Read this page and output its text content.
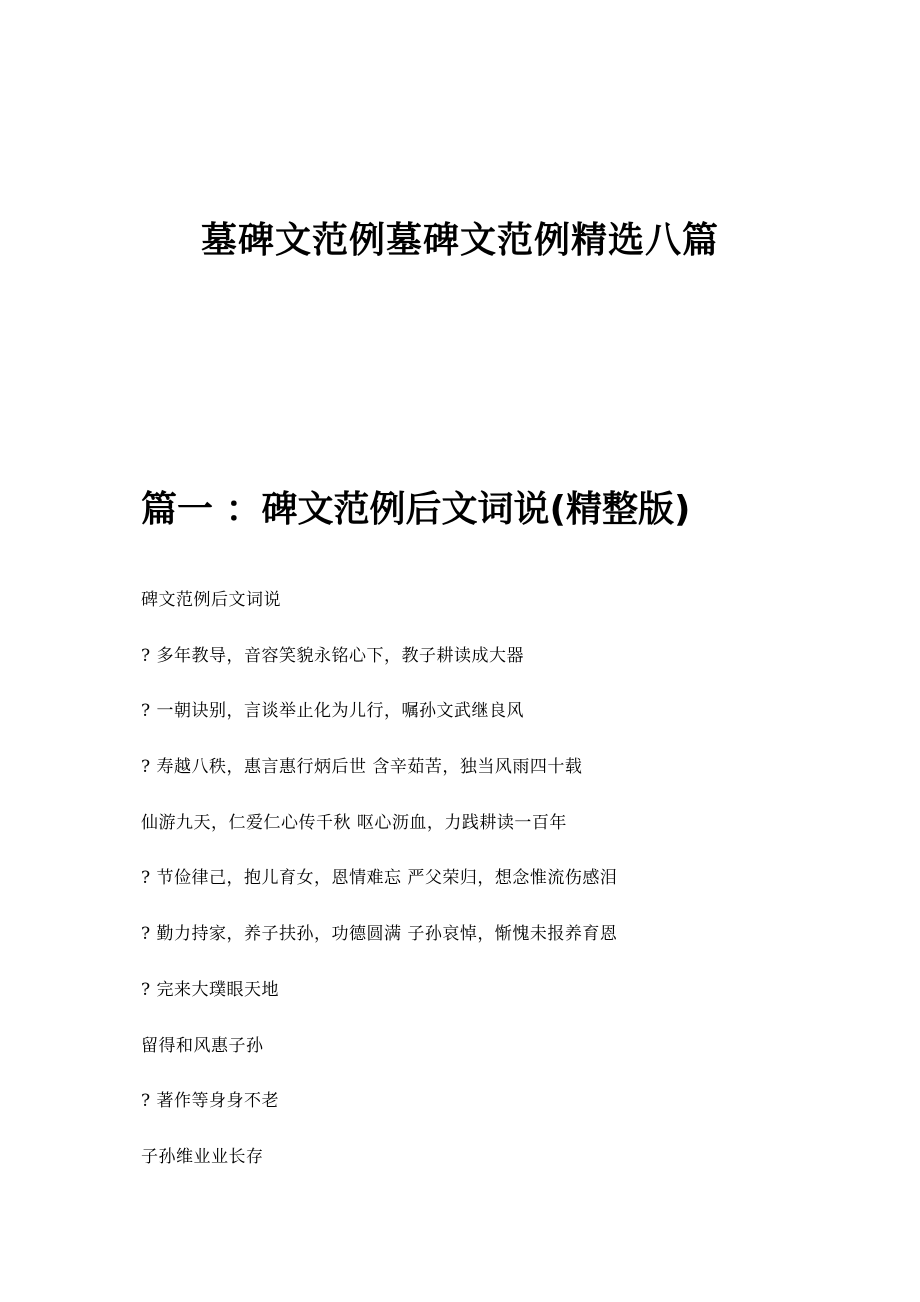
墓碑文范例墓碑文范例精选八篇
篇一 ：碑文范例后文词说(精整版)
碑文范例后文词说
? 多年教导，音容笑貌永铭心下，教子耕读成大器
? 一朝诀别，言谈举止化为儿行，嘱孙文武继良风
? 寿越八秩，惠言惠行炳后世 含辛茹苦，独当风雨四十载
仙游九天，仁爱仁心传千秋 呕心沥血，力践耕读一百年
? 节俭律己，抱儿育女，恩情难忘 严父荣归，想念惟流伤感泪
? 勤力持家，养子扶孙，功德圆满 子孙哀悼，惭愧未报养育恩
? 完来大璞眼天地
留得和风惠子孙
? 著作等身身不老
子孙维业业长存
